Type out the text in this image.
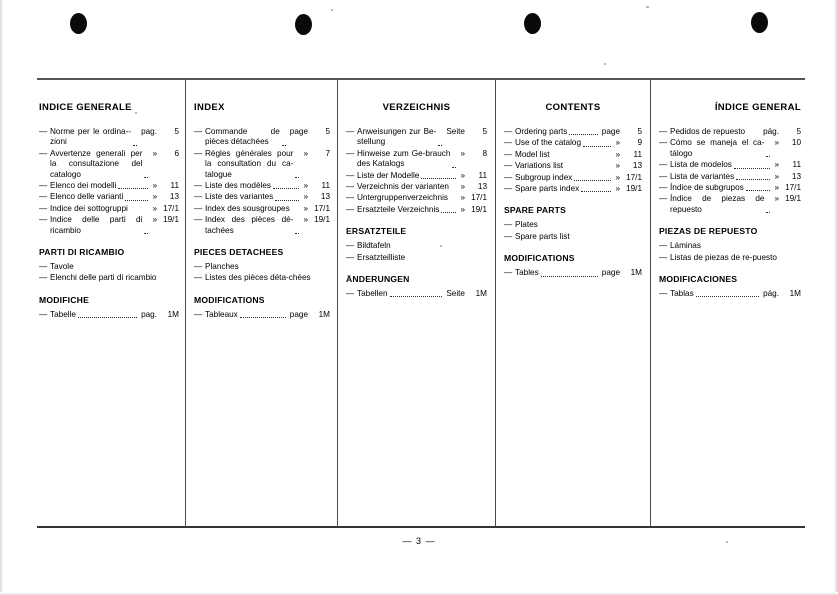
INDICE GENERALE
— Norme per le ordina-zioni
pag.	5
— Avvertenze generali per la consultazione del catalogo
»	6
— Elenco dei modelli	»	11
— Elenco delle varianti	»	13
— Indice dei sottogruppi	» 17/1
— Indice delle parti di ricambio
» 19/1
PARTI DI RICAMBIO
— Tavole
— Elenchi delle parti di ricambio
MODIFICHE
— Tabelle	pag.	1M
INDEX
— Commande de pièces détachées
page	5
— Règles générales pour la consultation du ca-talogue
»	7
— Liste des modèles	»	11
— Liste des variantes	»	13
— Index des sousgroupes » 17/1
— Index des pièces dé-tachées
» 19/1
PIECES DETACHEES
— Planches
— Listes des pièces déta-chées
MODIFICATIONS
— Tableaux	page	1M
VERZEICHNIS
— Anweisungen zur Be-stellung
Seite	5
— Hinweise zum Ge-brauch des Katalogs
»	8
— Liste der Modelle	»	11
— Verzeichnis der varianten »	13
— Untergruppenverzeichnis » 17/1
— Ersatzteile Verzeichnis	» 19/1
ERSATZTEILE
— Bildtafeln
— Ersatzteilliste
ÄNDERUNGEN
— Tabellen	Seite	1M
CONTENTS
— Ordering parts	page	5
— Use of the catalog	»	9
— Model list	»	11
— Variations list	»	13
— Subgroup index	» 17/1
— Spare parts index	» 19/1
SPARE PARTS
— Plates
— Spare parts list
MODIFICATIONS
— Tables	page	1M
ÍNDICE GENERAL
— Pedidos de repuesto	pág.	5
— Cómo se maneja el ca-tálogo
»	10
— Lista de modelos	»	11
— Lista de variantes	»	13
— Índice de subgrupos	» 17/1
— Índice de piezas de repuesto
» 19/1
PIEZAS DE REPUESTO
— Láminas
— Listas de piezas de re-puesto
MODIFICACIONES
— Tablas	pág.	1M
— 3 —
